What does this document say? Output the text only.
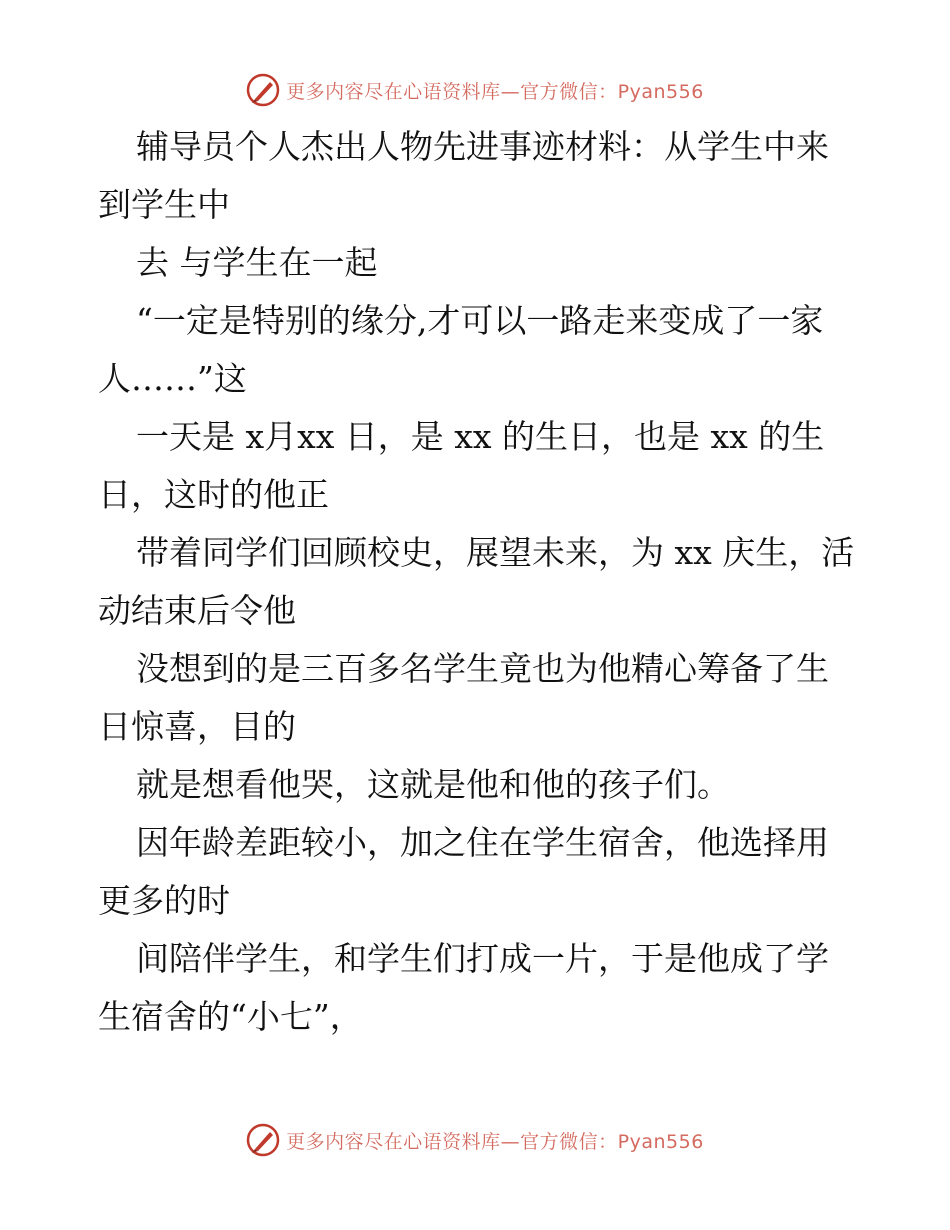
更多内容尽在心语资料库—官方微信：Pyan556

辅导员个人杰出人物先进事迹材料：从学生中来到学生中

去 与学生在一起

“一定是特别的缘分,才可以一路走来变成了一家人……”这

一天是 x月xx 日，是 xx 的生日，也是 xx 的生日，这时的他正

带着同学们回顾校史，展望未来，为 xx 庆生，活动结束后令他

没想到的是三百多名学生竟也为他精心筹备了生日惊喜，目的

就是想看他哭，这就是他和他的孩子们。

因年龄差距较小，加之住在学生宿舍，他选择用更多的时

间陪伴学生，和学生们打成一片，于是他成了学生宿舍的“小七”，

更多内容尽在心语资料库—官方微信：Pyan556
